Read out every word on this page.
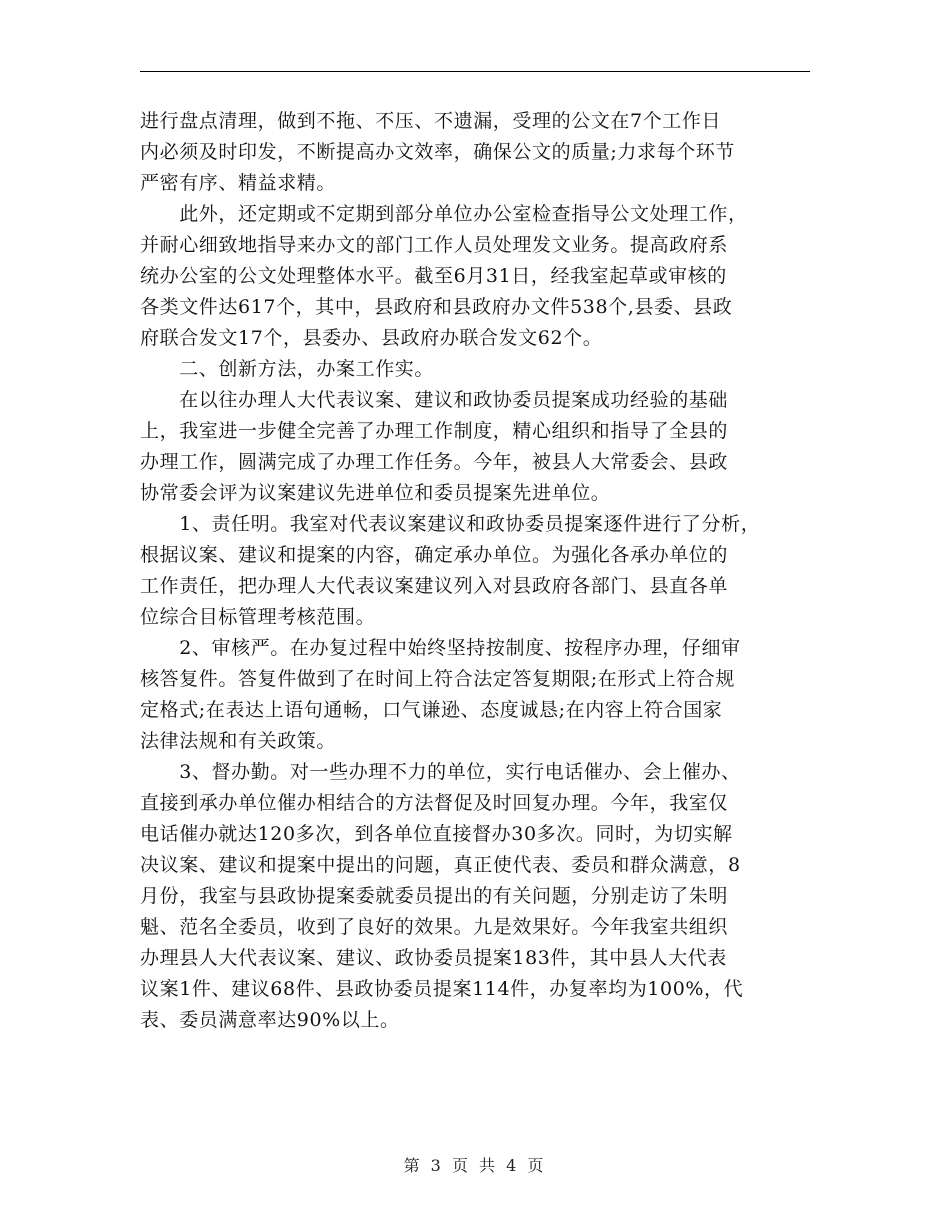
进行盘点清理，做到不拖、不压、不遗漏，受理的公文在7个工作日
内必须及时印发，不断提高办文效率，确保公文的质量;力求每个环节
严密有序、精益求精。
　　此外，还定期或不定期到部分单位办公室检查指导公文处理工作，
并耐心细致地指导来办文的部门工作人员处理发文业务。提高政府系
统办公室的公文处理整体水平。截至6月31日，经我室起草或审核的
各类文件达617个，其中，县政府和县政府办文件538个,县委、县政
府联合发文17个，县委办、县政府办联合发文62个。
　　二、创新方法，办案工作实。
　　在以往办理人大代表议案、建议和政协委员提案成功经验的基础
上，我室进一步健全完善了办理工作制度，精心组织和指导了全县的
办理工作，圆满完成了办理工作任务。今年，被县人大常委会、县政
协常委会评为议案建议先进单位和委员提案先进单位。
　　1、责任明。我室对代表议案建议和政协委员提案逐件进行了分析，
根据议案、建议和提案的内容，确定承办单位。为强化各承办单位的
工作责任，把办理人大代表议案建议列入对县政府各部门、县直各单
位综合目标管理考核范围。
　　2、审核严。在办复过程中始终坚持按制度、按程序办理，仔细审
核答复件。答复件做到了在时间上符合法定答复期限;在形式上符合规
定格式;在表达上语句通畅，口气谦逊、态度诚恳;在内容上符合国家
法律法规和有关政策。
　　3、督办勤。对一些办理不力的单位，实行电话催办、会上催办、
直接到承办单位催办相结合的方法督促及时回复办理。今年，我室仅
电话催办就达120多次，到各单位直接督办30多次。同时，为切实解
决议案、建议和提案中提出的问题，真正使代表、委员和群众满意，8
月份，我室与县政协提案委就委员提出的有关问题，分别走访了朱明
魁、范名全委员，收到了良好的效果。九是效果好。今年我室共组织
办理县人大代表议案、建议、政协委员提案183件，其中县人大代表
议案1件、建议68件、县政协委员提案114件，办复率均为100%，代
表、委员满意率达90%以上。
第 3 页 共 4 页
